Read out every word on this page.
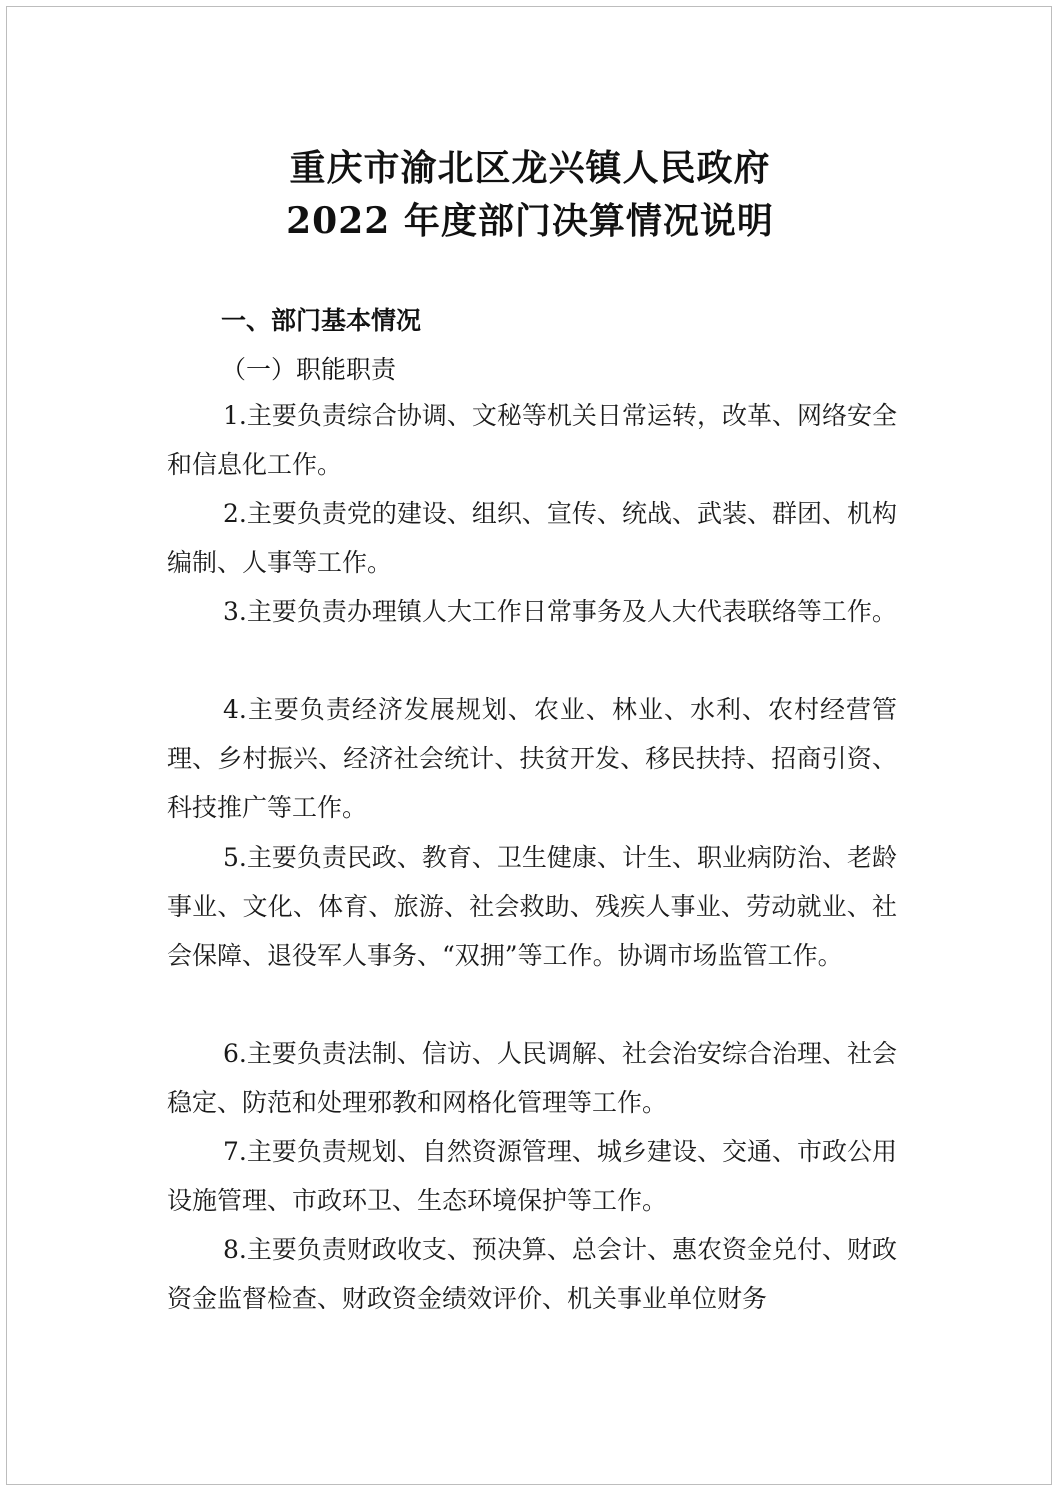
重庆市渝北区龙兴镇人民政府
2022 年度部门决算情况说明
一、部门基本情况
（一）职能职责

1.主要负责综合协调、文秘等机关日常运转，改革、网络安全和信息化工作。

2.主要负责党的建设、组织、宣传、统战、武装、群团、机构编制、人事等工作。

3.主要负责办理镇人大工作日常事务及人大代表联络等工作。

4.主要负责经济发展规划、农业、林业、水利、农村经营管理、乡村振兴、经济社会统计、扶贫开发、移民扶持、招商引资、科技推广等工作。

5.主要负责民政、教育、卫生健康、计生、职业病防治、老龄事业、文化、体育、旅游、社会救助、残疾人事业、劳动就业、社会保障、退役军人事务、“双拥”等工作。协调市场监管工作。

6.主要负责法制、信访、人民调解、社会治安综合治理、社会稳定、防范和处理邪教和网格化管理等工作。

7.主要负责规划、自然资源管理、城乡建设、交通、市政公用设施管理、市政环卫、生态环境保护等工作。

8.主要负责财政收支、预决算、总会计、惠农资金兑付、财政资金监督检查、财政资金绩效评价、机关事业单位财务
